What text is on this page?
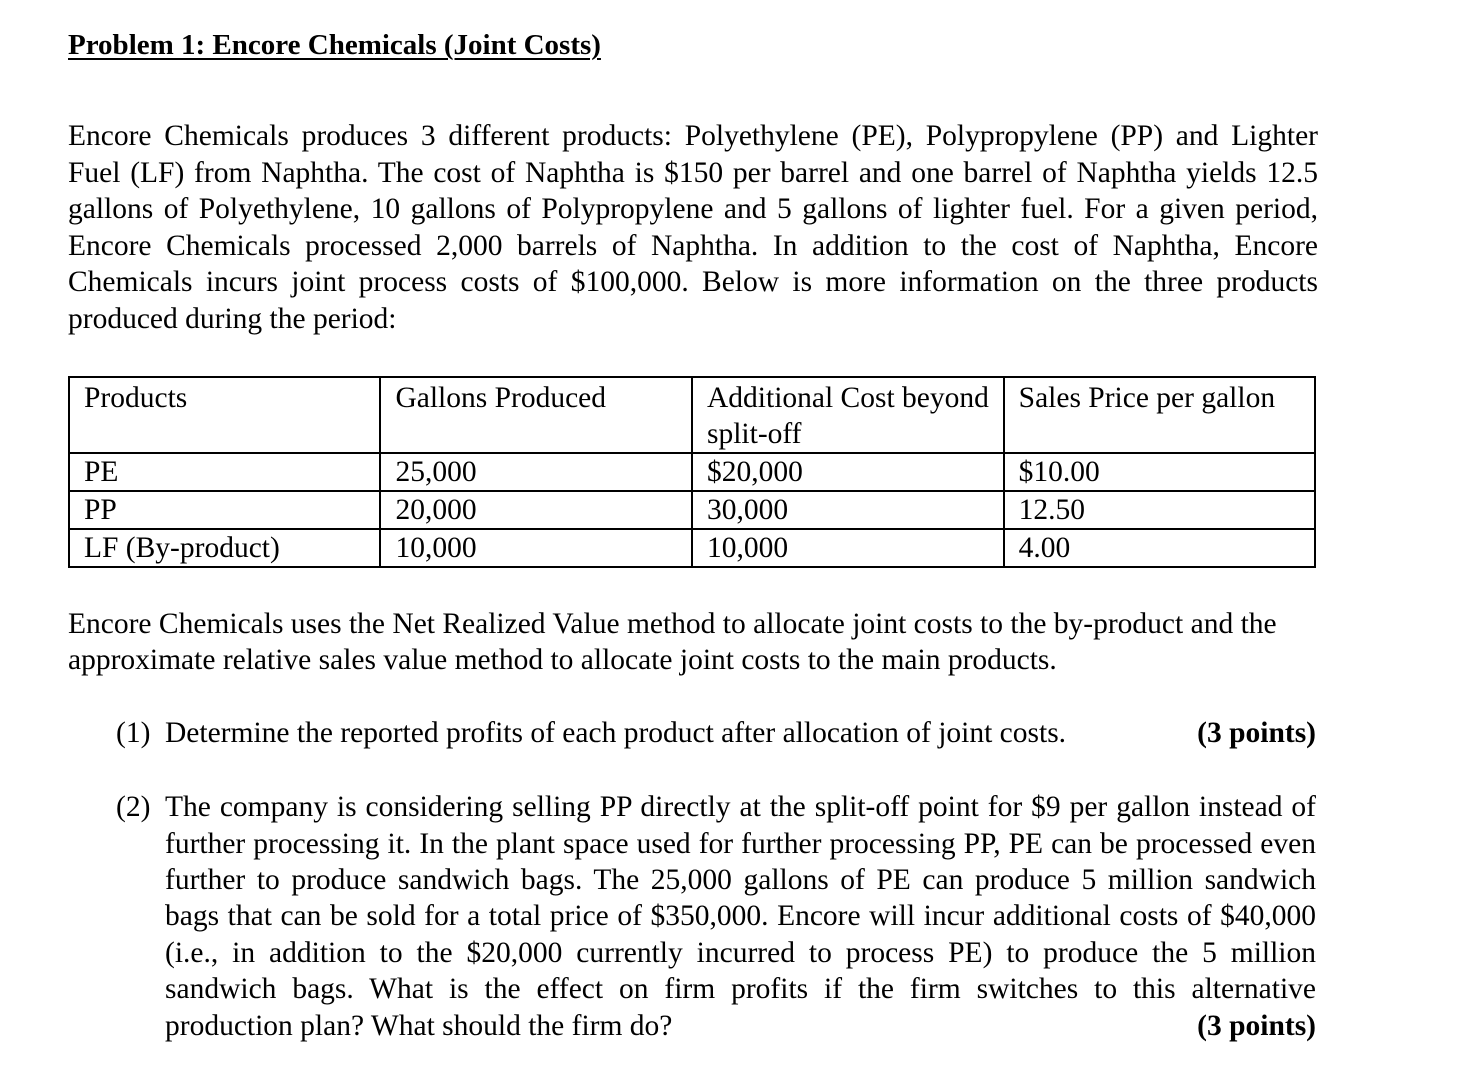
Problem 1: Encore Chemicals (Joint Costs)

Encore Chemicals produces 3 different products: Polyethylene (PE), Polypropylene (PP) and Lighter Fuel (LF) from Naphtha. The cost of Naphtha is $150 per barrel and one barrel of Naphtha yields 12.5 gallons of Polyethylene, 10 gallons of Polypropylene and 5 gallons of lighter fuel. For a given period, Encore Chemicals processed 2,000 barrels of Naphtha. In addition to the cost of Naphtha, Encore Chemicals incurs joint process costs of $100,000. Below is more information on the three products produced during the period:

Products	Gallons Produced	Additional Cost beyond split-off	Sales Price per gallon
PE	25,000	$20,000	$10.00
PP	20,000	30,000	12.50
LF (By-product)	10,000	10,000	4.00

Encore Chemicals uses the Net Realized Value method to allocate joint costs to the by-product and the approximate relative sales value method to allocate joint costs to the main products.

(1) Determine the reported profits of each product after allocation of joint costs.	(3 points)
(2) The company is considering selling PP directly at the split-off point for $9 per gallon instead of further processing it. In the plant space used for further processing PP, PE can be processed even further to produce sandwich bags. The 25,000 gallons of PE can produce 5 million sandwich bags that can be sold for a total price of $350,000. Encore will incur additional costs of $40,000 (i.e., in addition to the $20,000 currently incurred to process PE) to produce the 5 million sandwich bags. What is the effect on firm profits if the firm switches to this alternative production plan? What should the firm do?	(3 points)
